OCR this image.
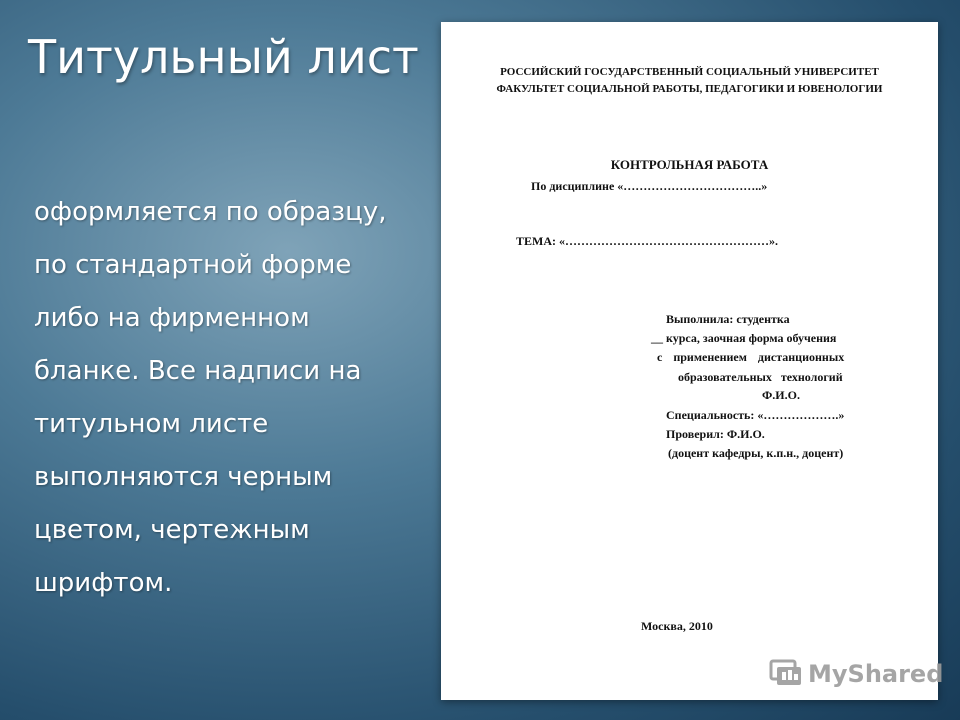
Титульный лист
оформляется по образцу,
по стандартной форме
либо на фирменном
бланке. Все надписи на
титульном листе
выполняются черным
цветом, чертежным
шрифтом.
РОССИЙСКИЙ ГОСУДАРСТВЕННЫЙ СОЦИАЛЬНЫЙ УНИВЕРСИТЕТ
ФАКУЛЬТЕТ СОЦИАЛЬНОЙ РАБОТЫ, ПЕДАГОГИКИ И ЮВЕНОЛОГИИ
КОНТРОЛЬНАЯ РАБОТА
По дисциплине «……………………………..»
ТЕМА: «……………………………………………».
Выполнила: студентка
__ курса, заочная форма обучения
с применением дистанционных
образовательных технологий
Ф.И.О.
Специальность: «……………….»
Проверил: Ф.И.О.
(доцент кафедры, к.п.н., доцент)
Москва, 2010
MyShared
